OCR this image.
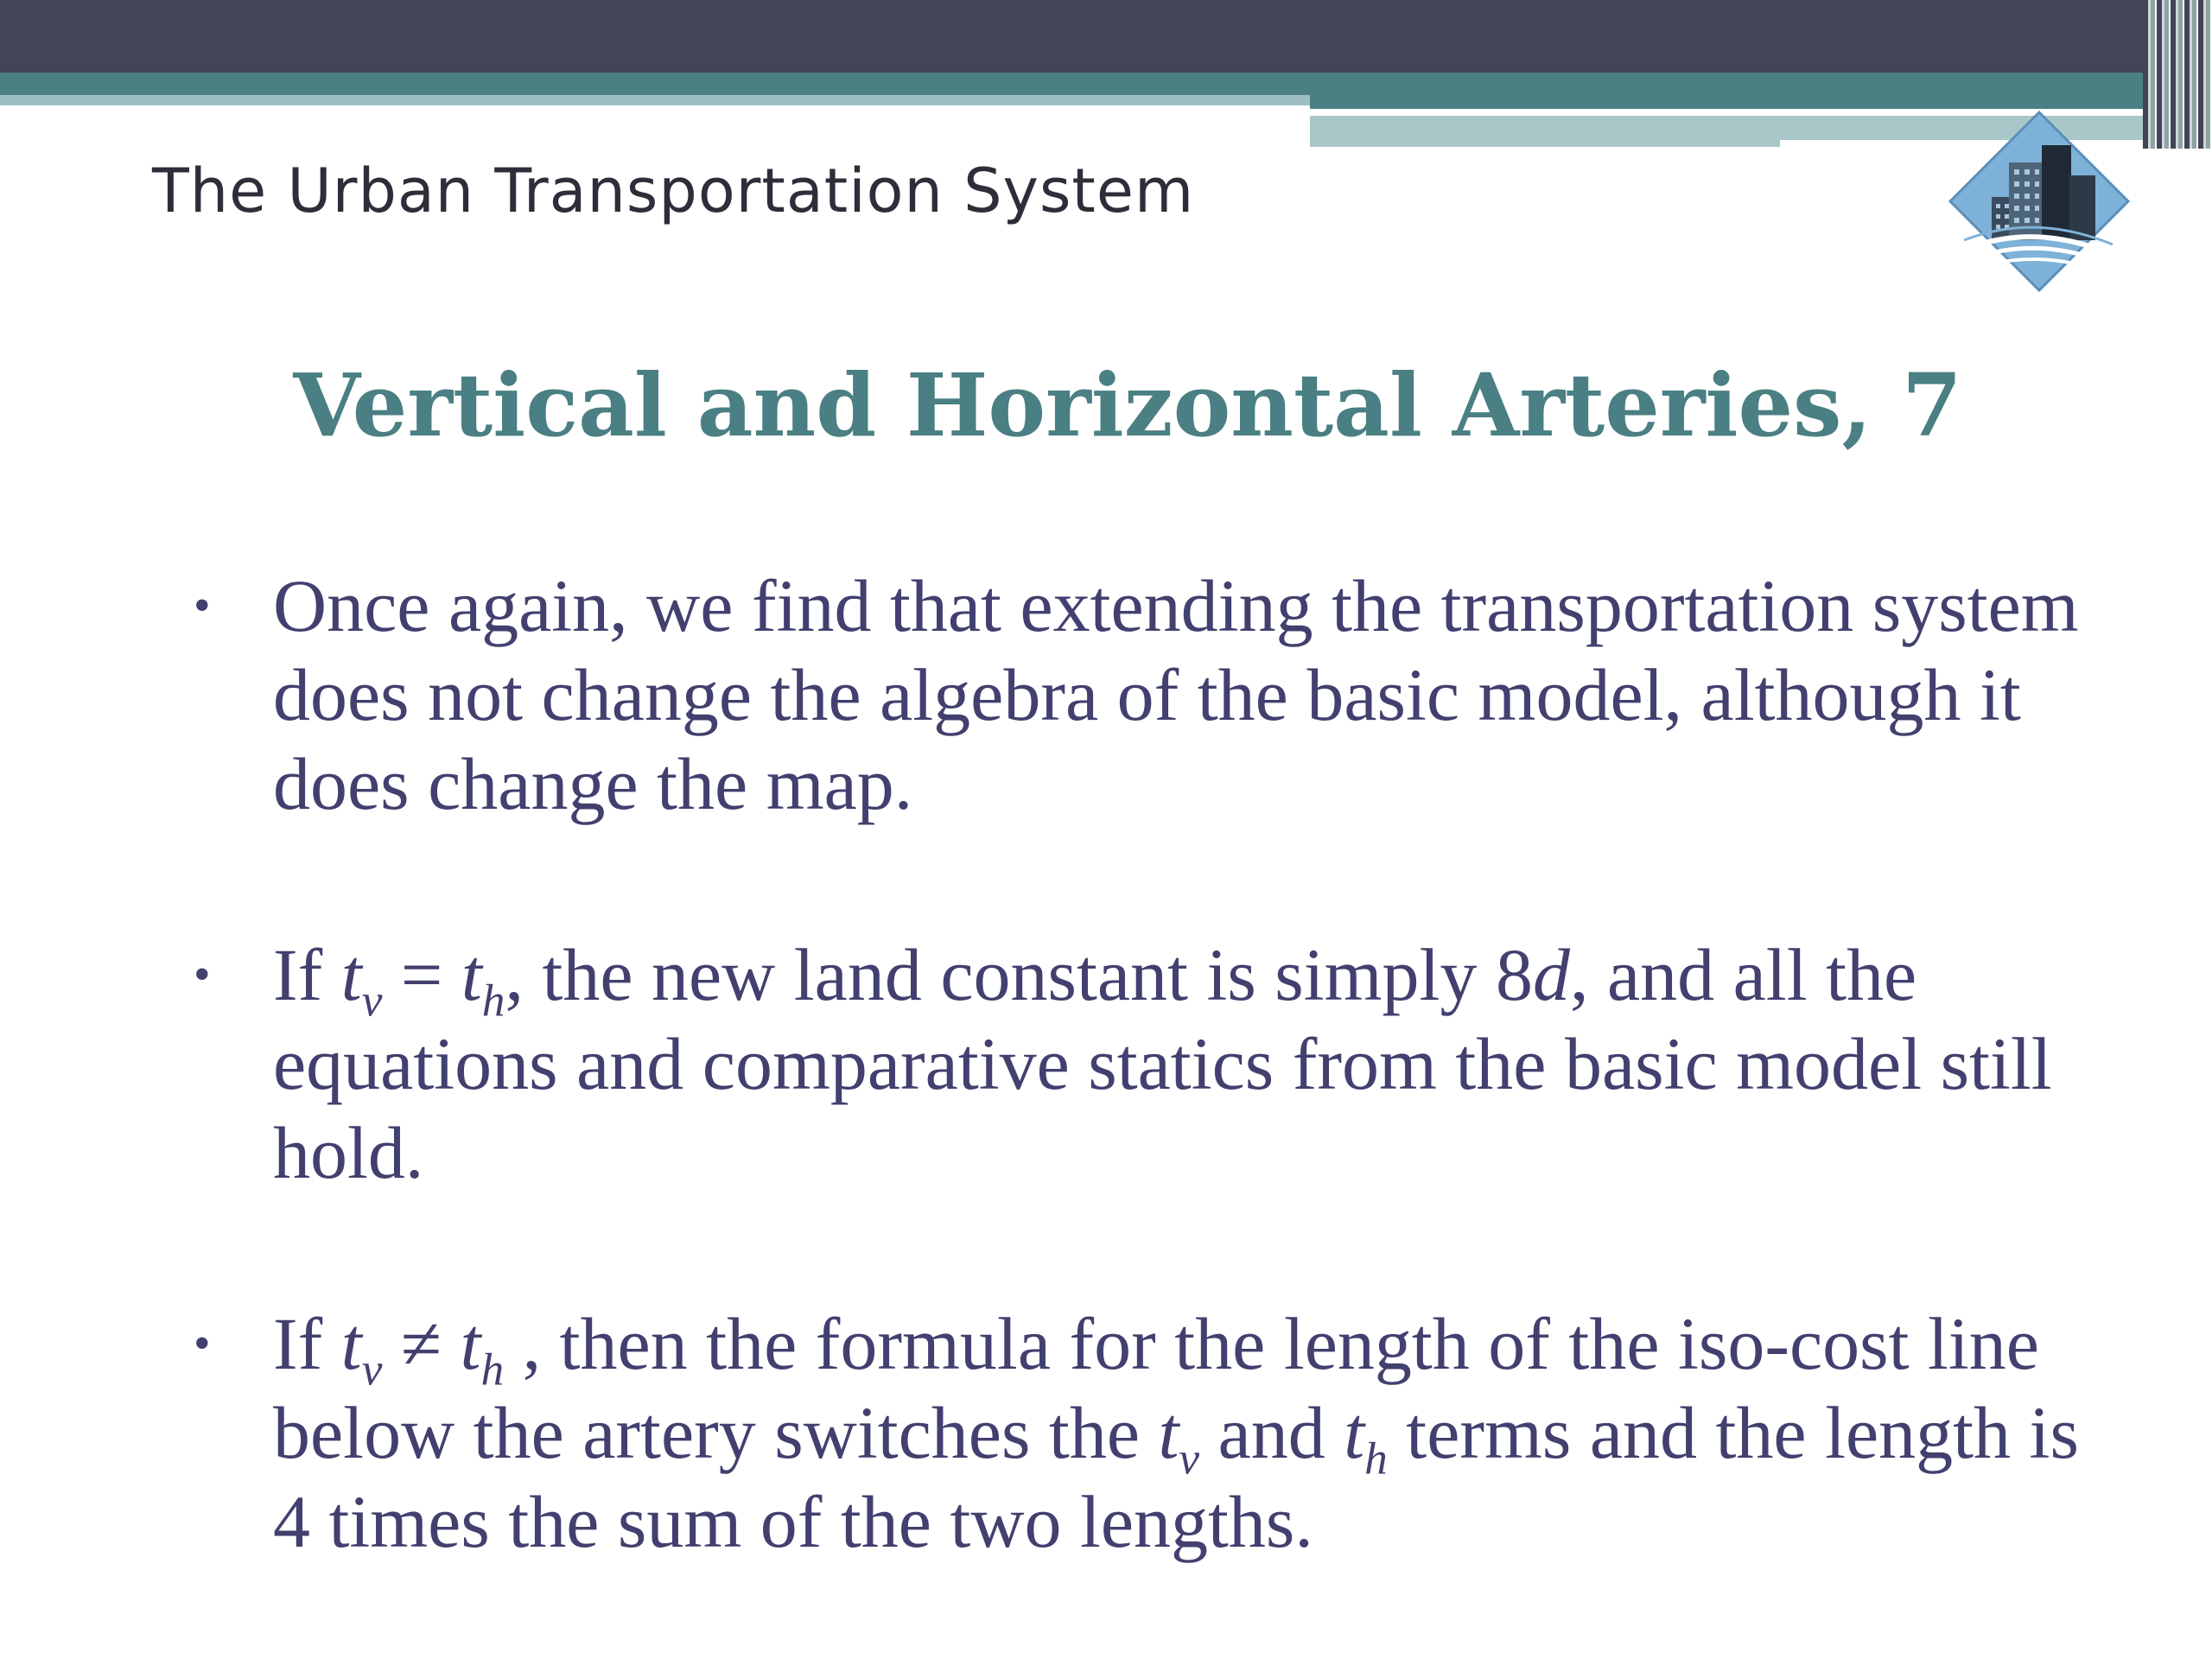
The Urban Transportation System
Vertical and Horizontal Arteries, 7
• Once again, we find that extending the transportation system does not change the algebra of the basic model, although it does change the map.
• If $t_v = t_h$, the new land constant is simply 8d, and all the equations and comparative statics from the basic model still hold.
• If $t_v \ne t_h$ , then the formula for the length of the iso-cost line below the artery switches the $t_v$ and $t_h$ terms and the length is 4 times the sum of the two lengths.
